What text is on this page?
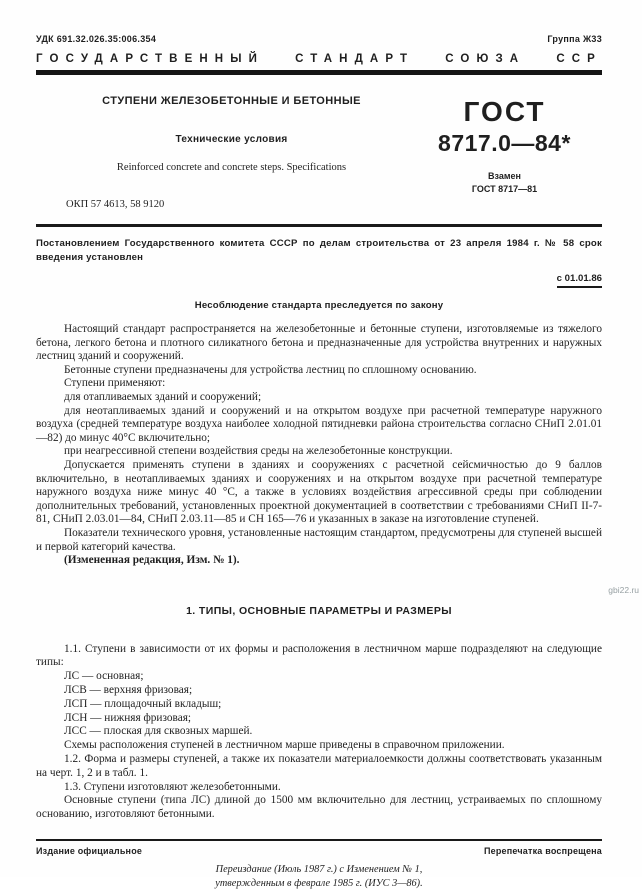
УДК 691.32.026.35:006.354	Группа Ж33
ГОСУДАРСТВЕННЫЙ	СТАНДАРТ	СОЮЗА	ССР
СТУПЕНИ ЖЕЛЕЗОБЕТОННЫЕ И БЕТОННЫЕ
Технические условия
Reinforced concrete and concrete steps. Specifications
ОКП 57 4613, 58 9120
ГОСТ
8717.0—84*
Взамен
ГОСТ 8717—81
Постановлением Государственного комитета СССР по делам строительства от 23 апреля 1984 г. № 58 срок введения установлен
с 01.01.86
Несоблюдение стандарта преследуется по закону

Настоящий стандарт распространяется на железобетонные и бетонные ступени, изготовляемые из тяжелого бетона, легкого бетона и плотного силикатного бетона и предназначенные для устройства внутренних и наружных лестниц зданий и сооружений.

Бетонные ступени предназначены для устройства лестниц по сплошному основанию.

Ступени применяют:

для отапливаемых зданий и сооружений;

для неотапливаемых зданий и сооружений и на открытом воздухе при расчетной температуре наружного воздуха (средней температуре воздуха наиболее холодной пятидневки района строительства согласно СНиП 2.01.01—82) до минус 40°С включительно;

при неагрессивной степени воздействия среды на железобетонные конструкции.

Допускается применять ступени в зданиях и сооружениях с расчетной сейсмичностью до 9 баллов включительно, в неотапливаемых зданиях и сооружениях и на открытом воздухе при расчетной температуре наружного воздуха ниже минус 40 °С, а также в условиях воздействия агрессивной среды при соблюдении дополнительных требований, установленных проектной документацией в соответствии с требованиями СНиП II-7-81, СНиП 2.03.01—84, СНиП 2.03.11—85 и СН 165—76 и указанных в заказе на изготовление ступеней.

Показатели технического уровня, установленные настоящим стандартом, предусмотрены для ступеней высшей и первой категорий качества.

(Измененная редакция, Изм. № 1).

1. ТИПЫ, ОСНОВНЫЕ ПАРАМЕТРЫ И РАЗМЕРЫ

1.1. Ступени в зависимости от их формы и расположения в лестничном марше подразделяют на следующие типы:

ЛС — основная;

ЛСВ — верхняя фризовая;

ЛСП — площадочный вкладыш;

ЛСН — нижняя фризовая;

ЛСС — плоская для сквозных маршей.

Схемы расположения ступеней в лестничном марше приведены в справочном приложении.

1.2. Форма и размеры ступеней, а также их показатели материалоемкости должны соответствовать указанным на черт. 1, 2 и в табл. 1.

1.3. Ступени изготовляют железобетонными.

Основные ступени (типа ЛС) длиной до 1500 мм включительно для лестниц, устраиваемых по сплошному основанию, изготовляют бетонными.

Издание официальное	Перепечатка воспрещена
Переиздание (Июль 1987 г.) с Изменением № 1,
утвержденным в феврале 1985 г. (ИУС 3—86).
gbi22.ru
